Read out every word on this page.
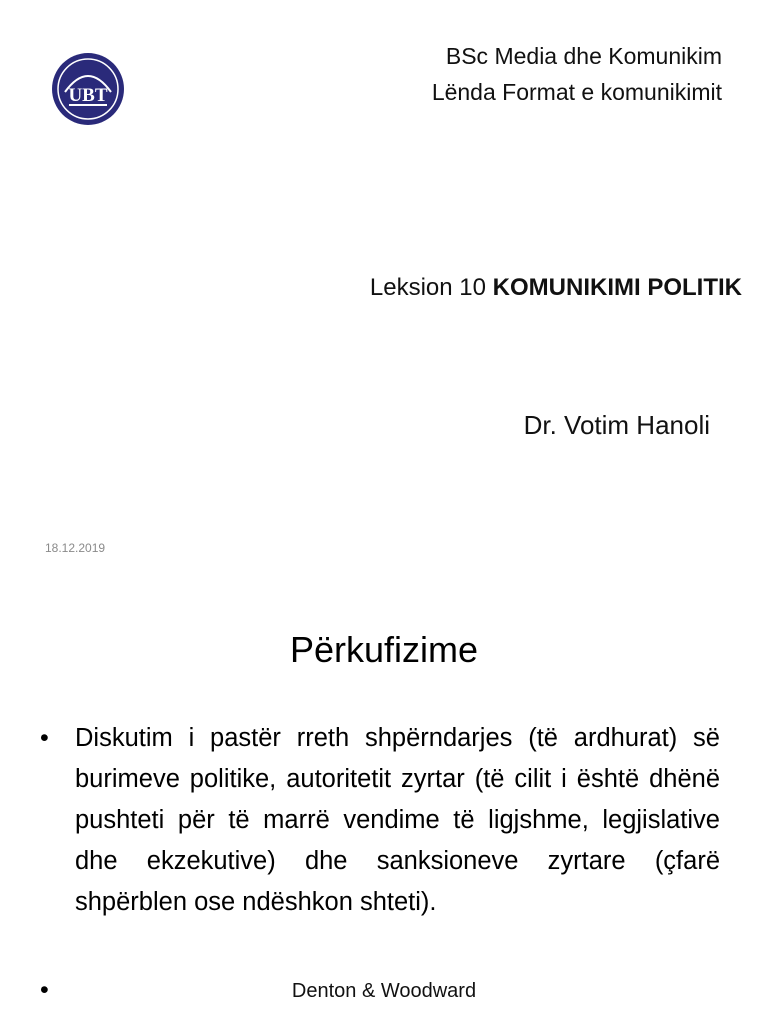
UBT
BSc Media dhe Komunikim
Lënda Format e komunikimit
Leksion 10 KOMUNIKIMI POLITIK
Dr. Votim Hanoli
18.12.2019
Përkufizime
• Diskutim i pastër rreth shpërndarjes (të ardhurat) së burimeve politike, autoritetit zyrtar (të cilit i është dhënë pushteti për të marrë vendime të ligjshme, legjislative dhe ekzekutive) dhe sanksioneve zyrtare (çfarë shpërblen ose ndëshkon shteti).
•	Denton & Woodward
